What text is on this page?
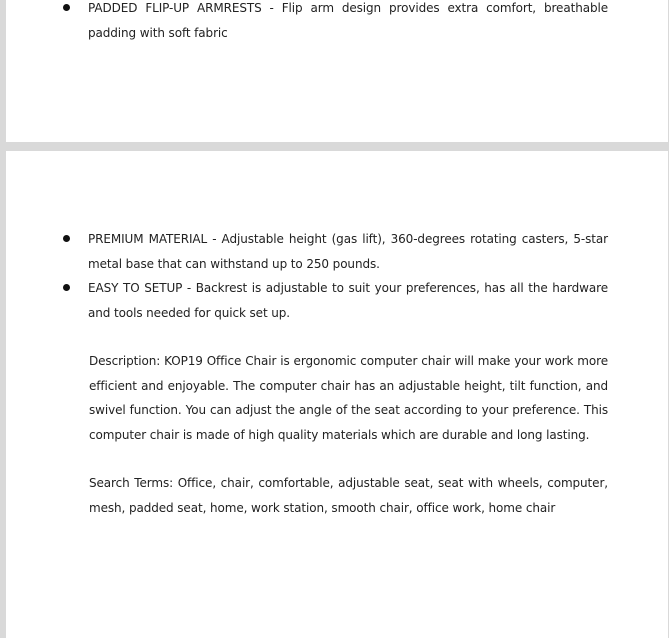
PADDED FLIP-UP ARMRESTS - Flip arm design provides extra comfort, breathable padding with soft fabric
PREMIUM MATERIAL - Adjustable height (gas lift), 360-degrees rotating casters, 5-star metal base that can withstand up to 250 pounds.
EASY TO SETUP - Backrest is adjustable to suit your preferences, has all the hardware and tools needed for quick set up.
Description: KOP19 Office Chair is ergonomic computer chair will make your work more efficient and enjoyable. The computer chair has an adjustable height, tilt function, and swivel function. You can adjust the angle of the seat according to your preference. This computer chair is made of high quality materials which are durable and long lasting.
Search Terms: Office, chair, comfortable, adjustable seat, seat with wheels, computer, mesh, padded seat, home, work station, smooth chair, office work, home chair
